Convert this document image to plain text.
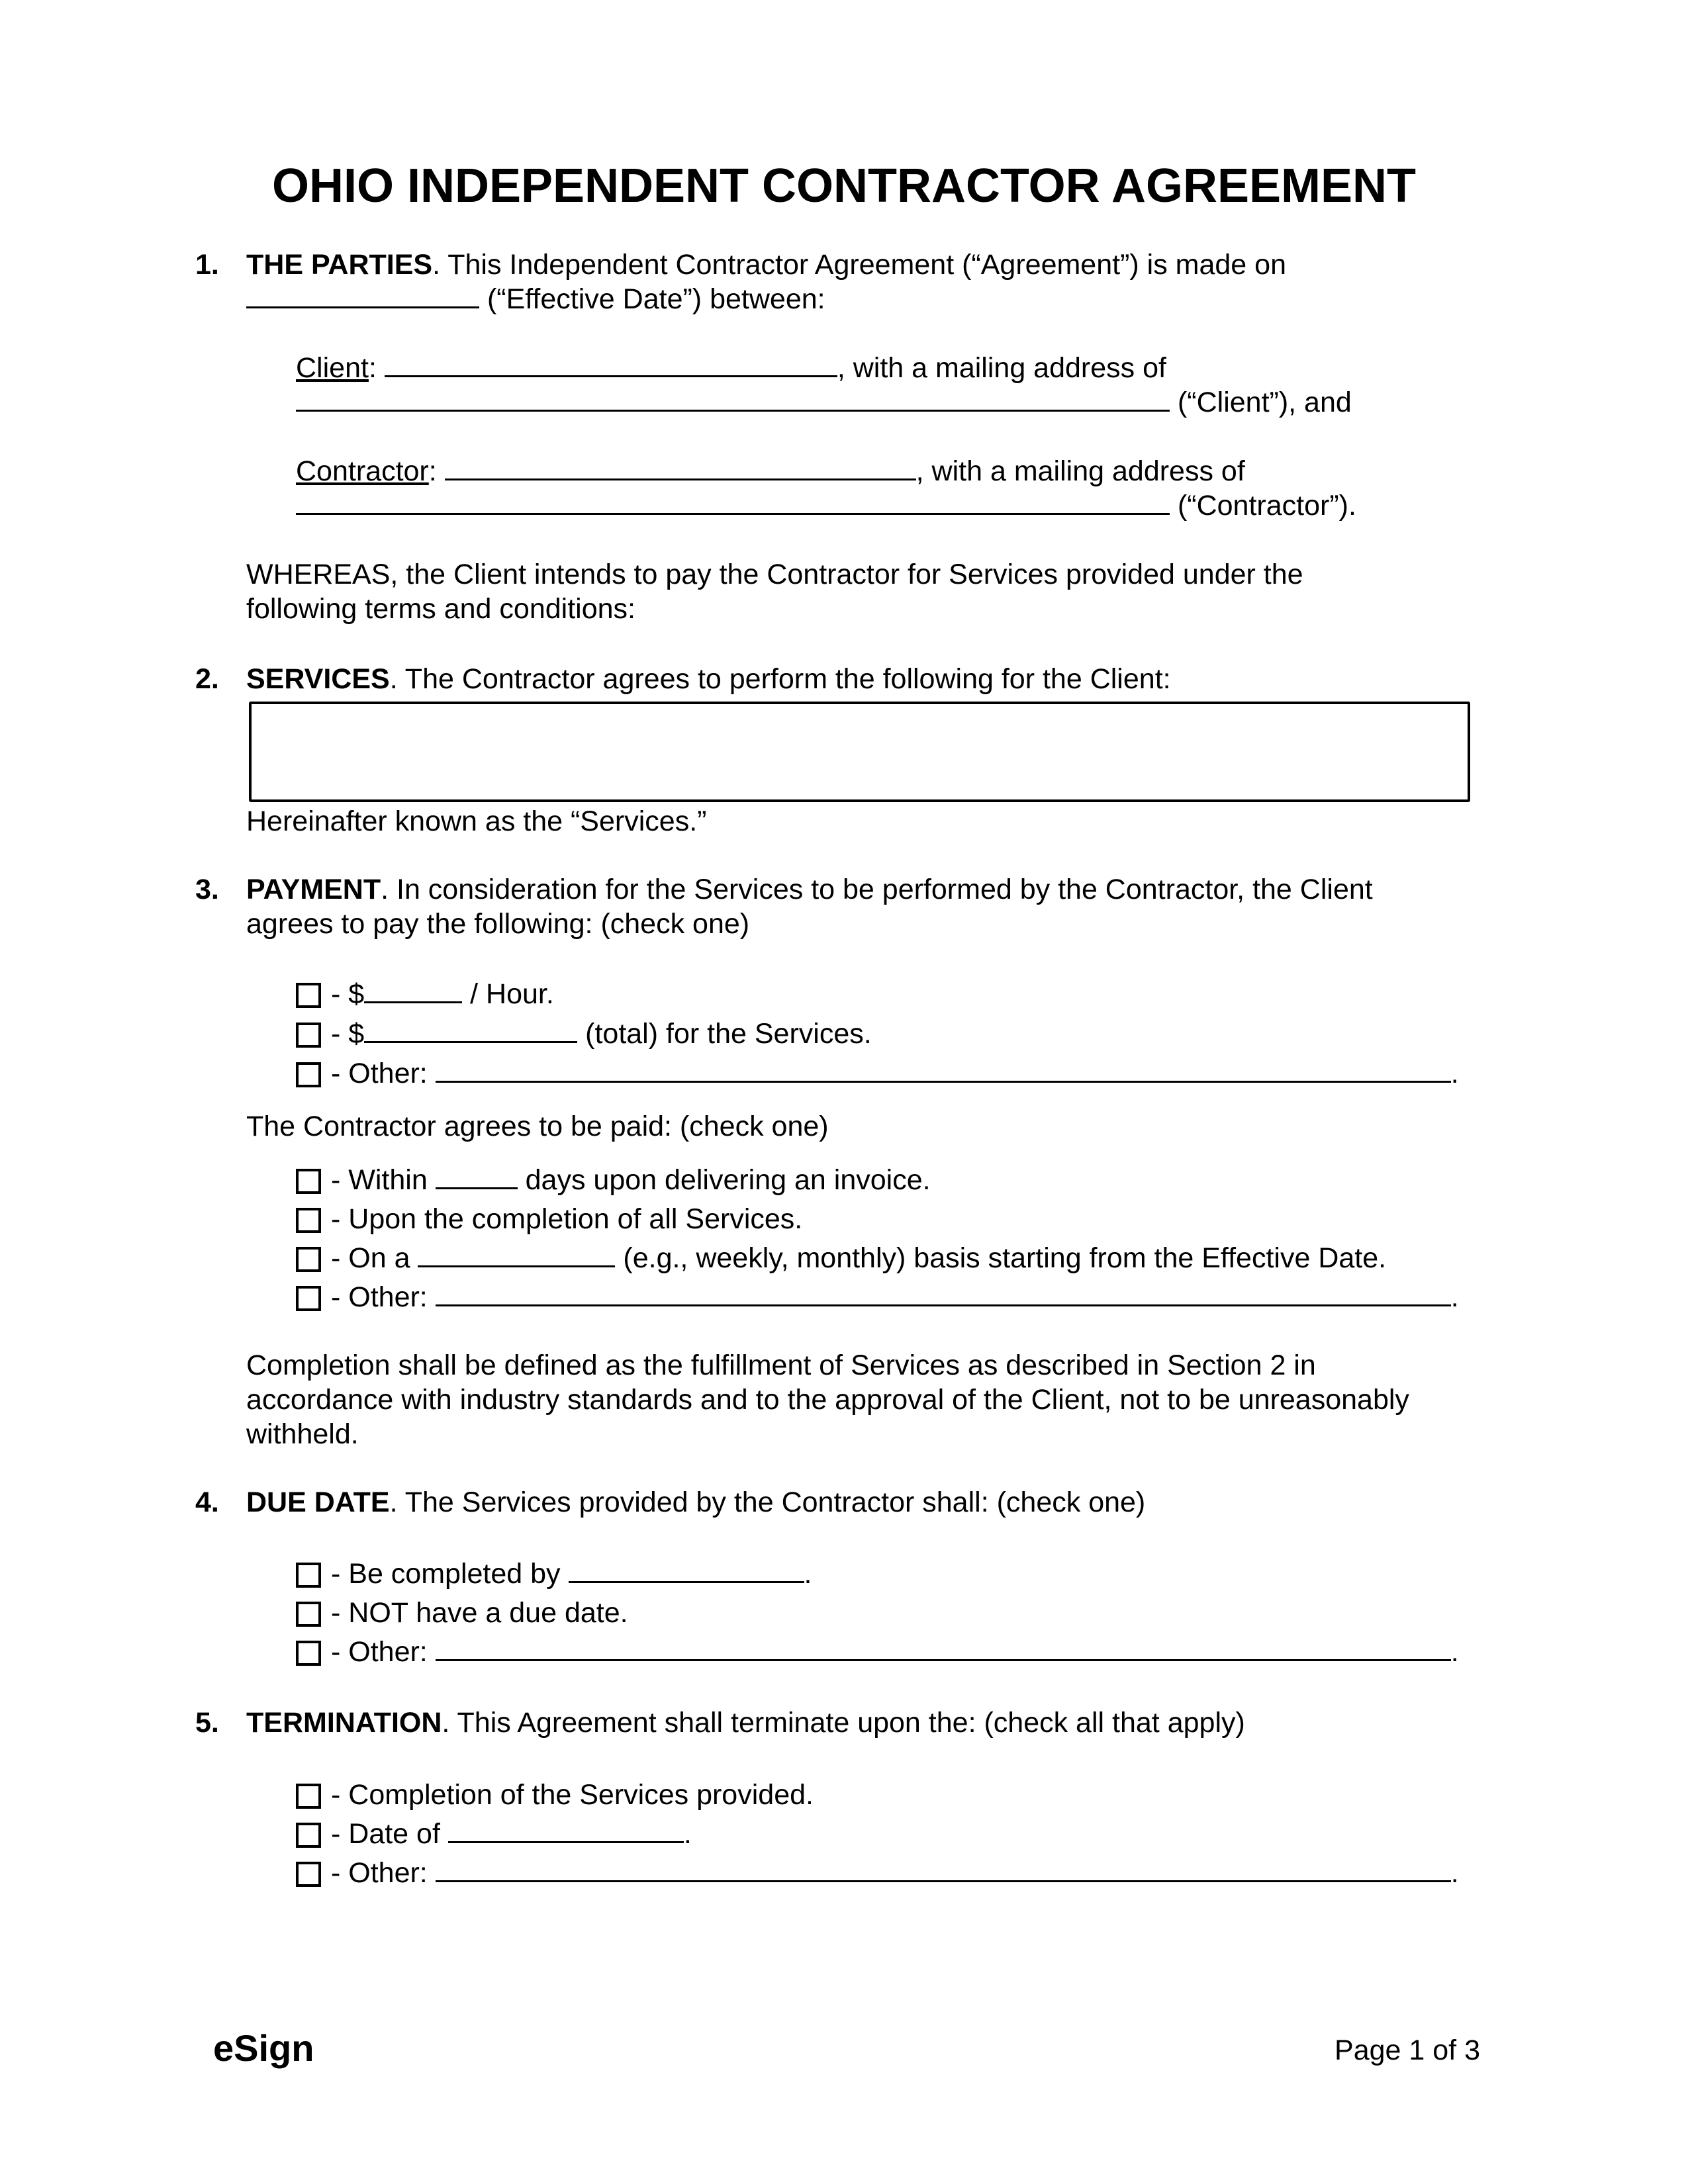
OHIO INDEPENDENT CONTRACTOR AGREEMENT
1. THE PARTIES. This Independent Contractor Agreement (“Agreement”) is made on
(“Effective Date”) between:
Client:	, with a mailing address of
(“Client”), and
Contractor:	, with a mailing address of
(“Contractor”).
WHEREAS, the Client intends to pay the Contractor for Services provided under the
following terms and conditions:
2. SERVICES. The Contractor agrees to perform the following for the Client:
Hereinafter known as the “Services.”
3. PAYMENT. In consideration for the Services to be performed by the Contractor, the Client
agrees to pay the following: (check one)
- $	/ Hour.
- $	(total) for the Services.
- Other:	.
The Contractor agrees to be paid: (check one)
- Within	days upon delivering an invoice.
- Upon the completion of all Services.
- On a	(e.g., weekly, monthly) basis starting from the Effective Date.
- Other:	.
Completion shall be defined as the fulfillment of Services as described in Section 2 in
accordance with industry standards and to the approval of the Client, not to be unreasonably
withheld.
4. DUE DATE. The Services provided by the Contractor shall: (check one)
- Be completed by	.
- NOT have a due date.
- Other:	.
5. TERMINATION. This Agreement shall terminate upon the: (check all that apply)
- Completion of the Services provided.
- Date of	.
- Other:	.
eSign	Page 1 of 3
